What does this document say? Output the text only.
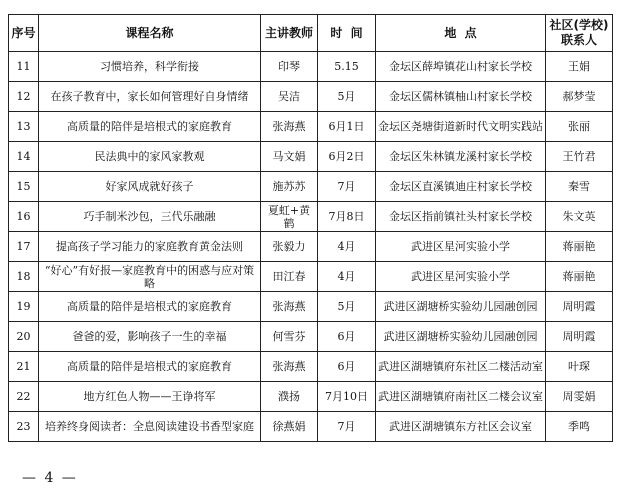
序号	课程名称	主讲教师	时  间	地  点	社区(学校)联系人
11	习惯培养，科学衔接	印琴	5.15	金坛区薛埠镇花山村家长学校	王娟
12	在孩子教育中，家长如何管理好自身情绪	吴洁	5月	金坛区儒林镇柚山村家长学校	郝梦莹
13	高质量的陪伴是培根式的家庭教育	张海燕	6月1日	金坛区尧塘街道新时代文明实践站	张丽
14	民法典中的家风家教观	马文娟	6月2日	金坛区朱林镇龙溪村家长学校	王竹君
15	好家风成就好孩子	施苏苏	7月	金坛区直溪镇迪庄村家长学校	秦雪
16	巧手制米沙包，三代乐融融	夏虹+黄鹤	7月8日	金坛区指前镇社头村家长学校	朱文英
17	提高孩子学习能力的家庭教育黄金法则	张毅力	4月	武进区星河实验小学	蒋丽艳
18	“好心”有好报—家庭教育中的困惑与应对策略	田江春	4月	武进区星河实验小学	蒋丽艳
19	高质量的陪伴是培根式的家庭教育	张海燕	5月	武进区湖塘桥实验幼儿园融创园	周明霞
20	爸爸的爱，影响孩子一生的幸福	何雪芬	6月	武进区湖塘桥实验幼儿园融创园	周明霞
21	高质量的陪伴是培根式的家庭教育	张海燕	6月	武进区湖塘镇府东社区二楼活动室	叶琛
22	地方红色人物——王诤将军	濮扬	7月10日	武进区湖塘镇府南社区二楼会议室	周雯娟
23	培养终身阅读者：全息阅读建设书香型家庭	徐燕娟	7月	武进区湖塘镇东方社区会议室	季鸣
— 4 —
